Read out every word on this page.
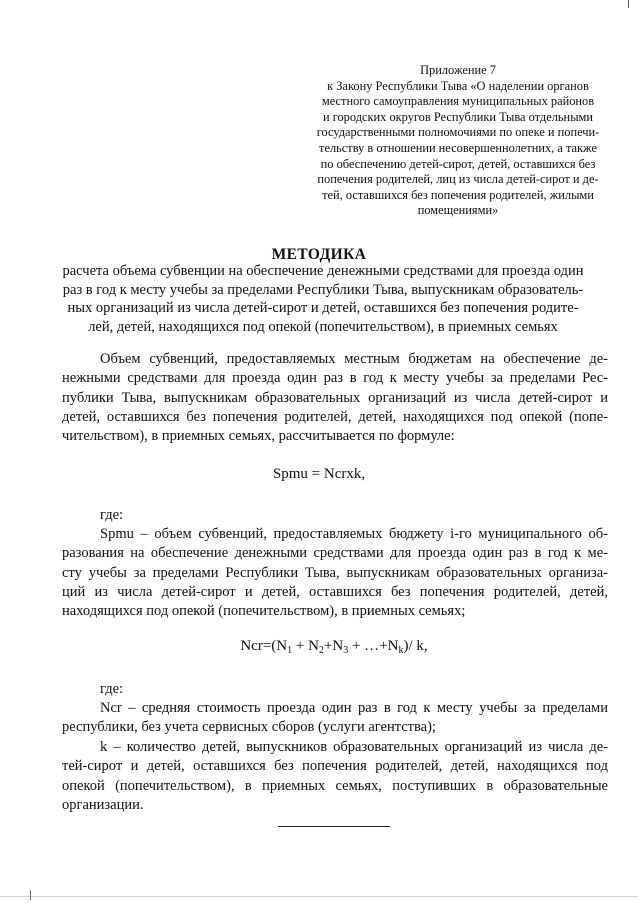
Приложение 7
к Закону Республики Тыва «О наделении органов
местного самоуправления муниципальных районов
и городских округов Республики Тыва отдельными
государственными полномочиями по опеке и попечи-
тельству в отношении несовершеннолетних, а также
по обеспечению детей-сирот, детей, оставшихся без
попечения родителей, лиц из числа детей-сирот и де-
тей, оставшихся без попечения родителей, жилыми
помещениями»
МЕТОДИКА
расчета объема субвенции на обеспечение денежными средствами для проезда один
раз в год к месту учебы за пределами Республики Тыва, выпускникам образователь-
ных организаций из числа детей-сирот и детей, оставшихся без попечения родите-
лей, детей, находящихся под опекой (попечительством), в приемных семьях
Объем субвенций, предоставляемых местным бюджетам на обеспечение де-
нежными средствами для проезда один раз в год к месту учебы за пределами Рес-
публики Тыва, выпускникам образовательных организаций из числа детей-сирот и
детей, оставшихся без попечения родителей, детей, находящихся под опекой (попе-
чительством), в приемных семьях, рассчитывается по формуле:
Spmu = Ncrxk,
где:
Spmu – объем субвенций, предоставляемых бюджету i-го муниципального об-
разования на обеспечение денежными средствами для проезда один раз в год к ме-
сту учебы за пределами Республики Тыва, выпускникам образовательных организа-
ций из числа детей-сирот и детей, оставшихся без попечения родителей, детей,
находящихся под опекой (попечительством), в приемных семьях;
$Ncr=(N_1 + N_2+N_3$ + $\dots+N_k)/$ k,
где:
Ncr – средняя стоимость проезда один раз в год к месту учебы за пределами
республики, без учета сервисных сборов (услуги агентства);
k – количество детей, выпускников образовательных организаций из числа де-
тей-сирот и детей, оставшихся без попечения родителей, детей, находящихся под
опекой (попечительством), в приемных семьях, поступивших в образовательные
организации.
